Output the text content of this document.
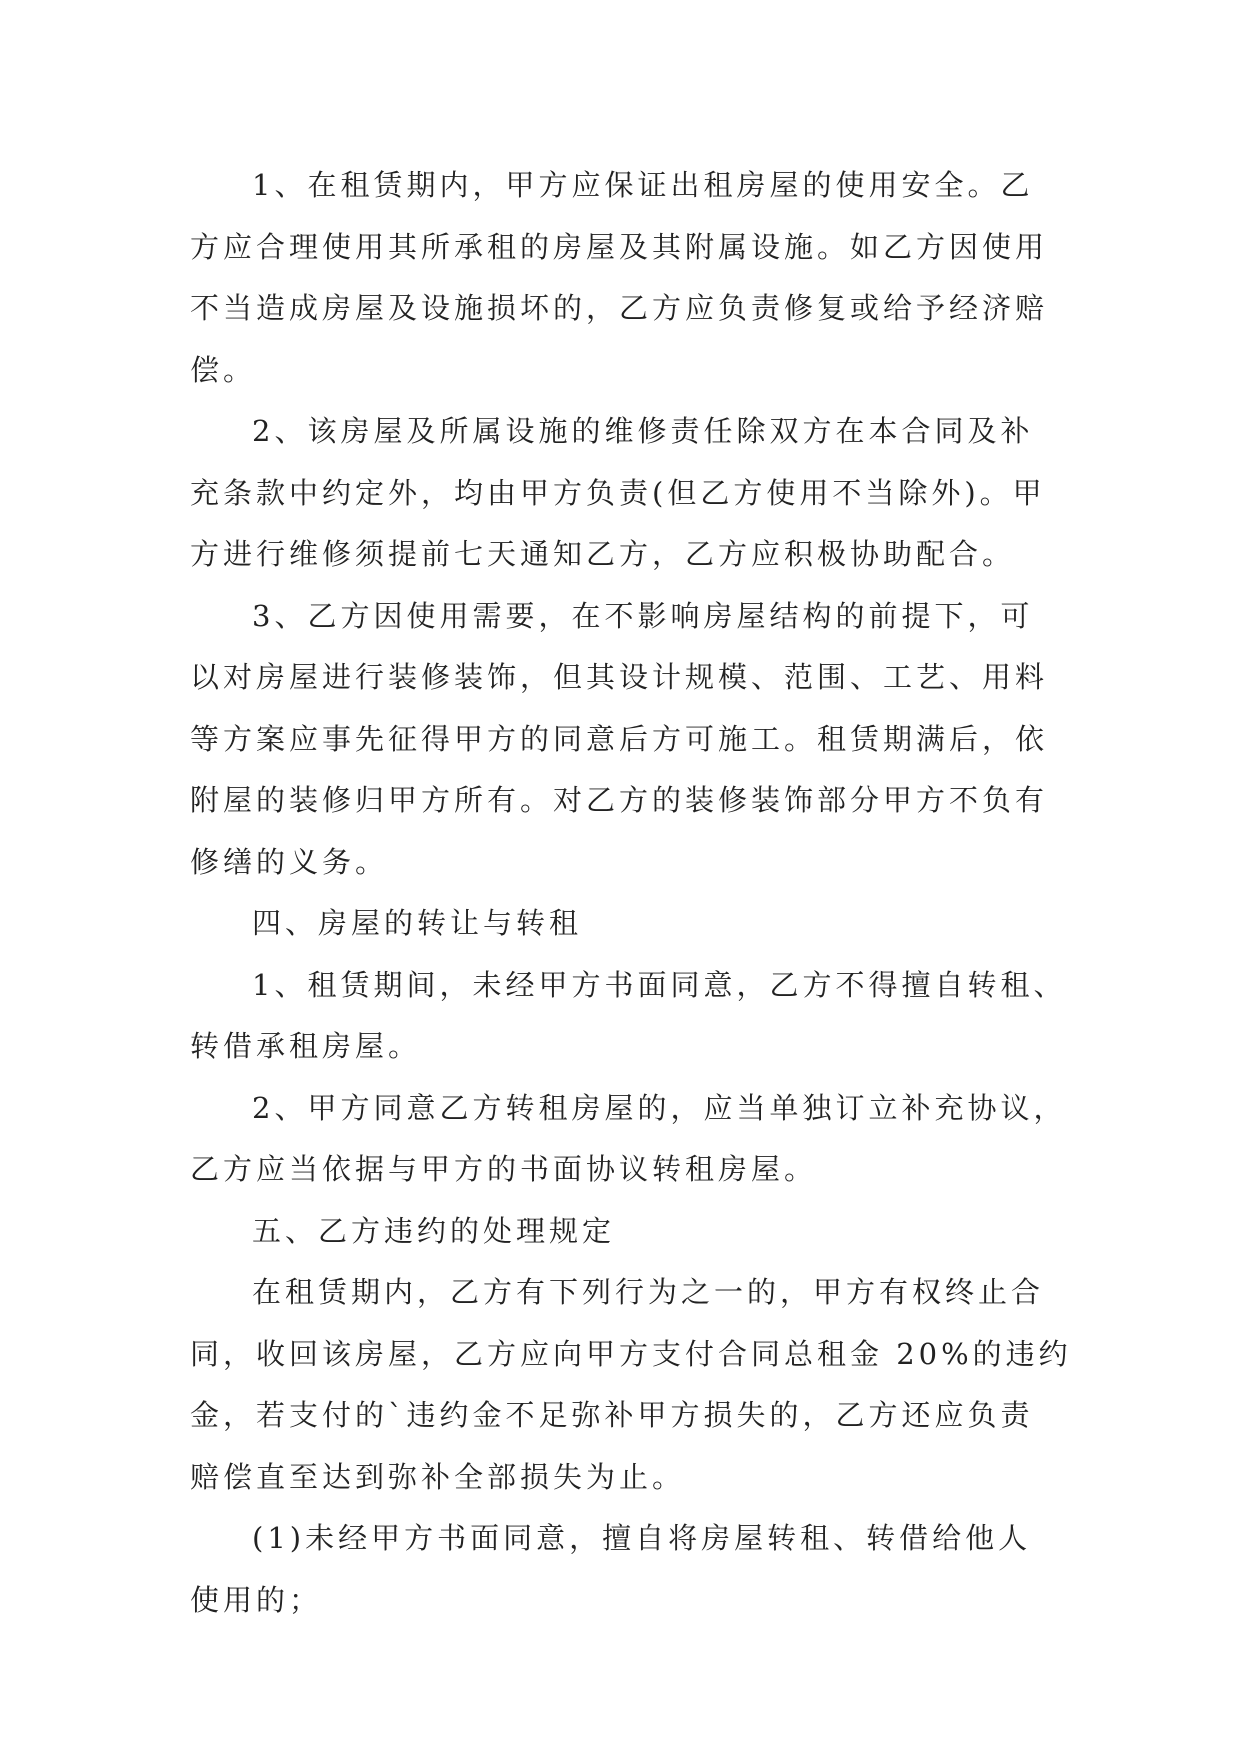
1、在租赁期内，甲方应保证出租房屋的使用安全。乙
方应合理使用其所承租的房屋及其附属设施。如乙方因使用
不当造成房屋及设施损坏的，乙方应负责修复或给予经济赔
偿。
2、该房屋及所属设施的维修责任除双方在本合同及补
充条款中约定外，均由甲方负责(但乙方使用不当除外)。甲
方进行维修须提前七天通知乙方，乙方应积极协助配合。
3、乙方因使用需要，在不影响房屋结构的前提下，可
以对房屋进行装修装饰，但其设计规模、范围、工艺、用料
等方案应事先征得甲方的同意后方可施工。租赁期满后，依
附屋的装修归甲方所有。对乙方的装修装饰部分甲方不负有
修缮的义务。
四、房屋的转让与转租
1、租赁期间，未经甲方书面同意，乙方不得擅自转租、
转借承租房屋。
2、甲方同意乙方转租房屋的，应当单独订立补充协议，
乙方应当依据与甲方的书面协议转租房屋。
五、乙方违约的处理规定
在租赁期内，乙方有下列行为之一的，甲方有权终止合
同，收回该房屋，乙方应向甲方支付合同总租金 20%的违约
金，若支付的`违约金不足弥补甲方损失的，乙方还应负责
赔偿直至达到弥补全部损失为止。
(1)未经甲方书面同意，擅自将房屋转租、转借给他人
使用的；
